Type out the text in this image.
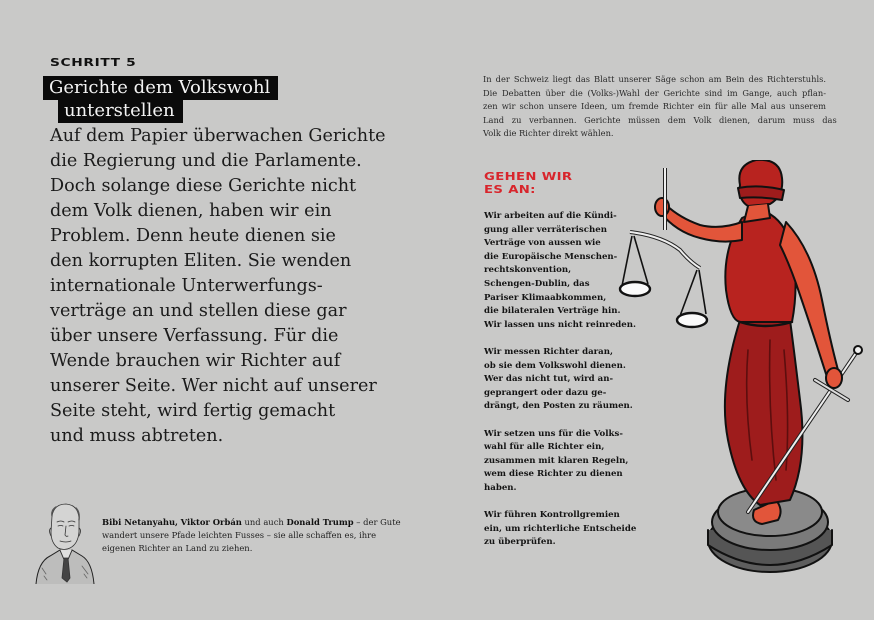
SCHRITT 5
Gerichte dem Volkswohl
unterstellen
Auf dem Papier überwachen Gerichte
die Regierung und die Parlamente.
Doch solange diese Gerichte nicht
dem Volk dienen, haben wir ein
Problem. Denn heute dienen sie
den korrupten Eliten. Sie wenden
internationale Unterwerfungs-
verträge an und stellen diese gar
über unsere Verfassung. Für die
Wende brauchen wir Richter auf
unserer Seite. Wer nicht auf unserer
Seite steht, wird fertig gemacht
und muss abtreten.
Bibi Netanyahu, Viktor Orbán und auch Donald Trump – der Gute wandert unsere Pfade leichten Fusses – sie alle schaffen es, ihre eigenen Richter an Land zu ziehen.
In der Schweiz liegt das Blatt unserer Säge schon am Bein des Richterstuhls.
Die Debatten über die (Volks-)Wahl der Gerichte sind im Gange, auch pflan-
zen wir schon unsere Ideen, um fremde Richter ein für alle Mal aus unserem
Land zu verbannen. Gerichte müssen dem Volk dienen, darum muss das
Volk die Richter direkt wählen.
GEHEN WIR
ES AN:
Wir arbeiten auf die Kündi-
gung aller verräterischen
Verträge von aussen wie
die Europäische Menschen-
rechtskonvention,
Schengen-Dublin, das
Pariser Klimaabkommen,
die bilateralen Verträge hin.
Wir lassen uns nicht reinreden.
Wir messen Richter daran,
ob sie dem Volkswohl dienen.
Wer das nicht tut, wird an-
geprangert oder dazu ge-
drängt, den Posten zu räumen.
Wir setzen uns für die Volks-
wahl für alle Richter ein,
zusammen mit klaren Regeln,
wem diese Richter zu dienen
haben.
Wir führen Kontrollgremien
ein, um richterliche Entscheide
zu überprüfen.
